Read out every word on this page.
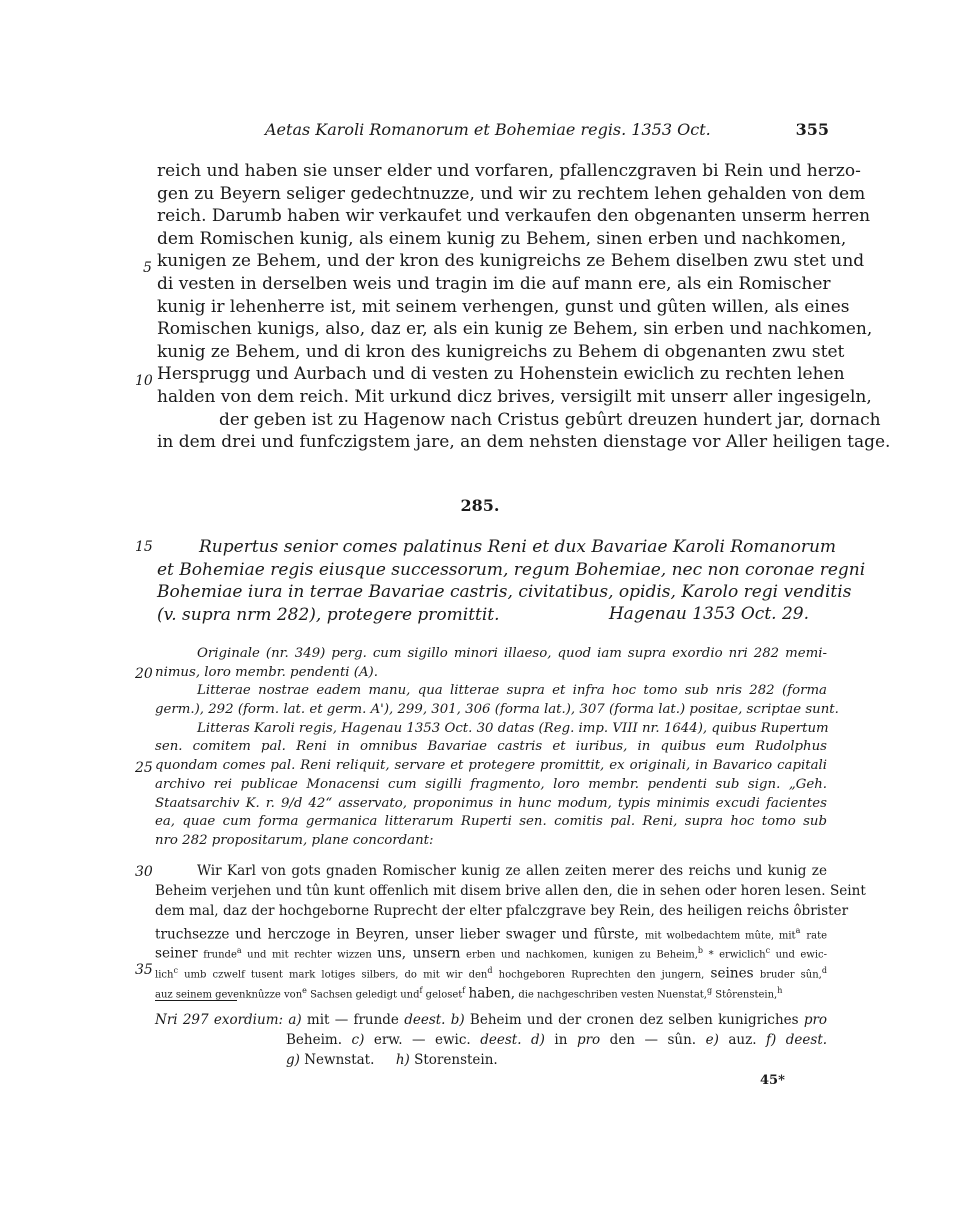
Aetas Karoli Romanorum et Bohemiae regis. 1353 Oct.	355
5
10
15
20
25
30
35
reich und haben sie unser elder und vorfaren, pfallenczgraven bi Rein und herzo-
gen zu Beyern seliger gedechtnuzze, und wir zu rechtem lehen gehalden von dem
reich. Darumb haben wir verkaufet und verkaufen den obgenanten unserm herren
dem Romischen kunig, als einem kunig zu Behem, sinen erben und nachkomen,
kunigen ze Behem, und der kron des kunigreichs ze Behem diselben zwu stet und
di vesten in derselben weis und tragin im die auf mann ere, als ein Romischer
kunig ir lehenherre ist, mit seinem verhengen, gunst und gûten willen, als eines
Romischen kunigs, also, daz er, als ein kunig ze Behem, sin erben und nachkomen,
kunig ze Behem, und di kron des kunigreichs zu Behem di obgenanten zwu stet
Hersprugg und Aurbach und di vesten zu Hohenstein ewiclich zu rechten lehen
halden von dem reich. Mit urkund dicz brives, versigilt mit unserr aller ingesigeln,
der geben ist zu Hagenow nach Cristus gebûrt dreuzen hundert jar, dornach
in dem drei und funfczigstem jare, an dem nehsten dienstage vor Aller heiligen tage.
285.
Rupertus senior comes palatinus Reni et dux Bavariae Karoli Romanorum
et Bohemiae regis eiusque successorum, regum Bohemiae, nec non coronae regni
Bohemiae iura in terrae Bavariae castris, civitatibus, opidis, Karolo regi venditis
(v. supra nrm 282), protegere promittit.	Hagenau 1353 Oct. 29.
Originale (nr. 349) perg. cum sigillo minori illaeso, quod iam supra exordio nri 282 memi-
nimus, loro membr. pendenti (A).
Litterae nostrae eadem manu, qua litterae supra et infra hoc tomo sub nris 282 (forma
germ.), 292 (form. lat. et germ. A'), 299, 301, 306 (forma lat.), 307 (forma lat.) positae, scriptae sunt.
Litteras Karoli regis, Hagenau 1353 Oct. 30 datas (Reg. imp. VIII nr. 1644), quibus Rupertum
sen. comitem pal. Reni in omnibus Bavariae castris et iuribus, in quibus eum Rudolphus
quondam comes pal. Reni reliquit, servare et protegere promittit, ex originali, in Bavarico capitali
archivo rei publicae Monacensi cum sigilli fragmento, loro membr. pendenti sub sign. „Geh.
Staatsarchiv K. r. 9/d 42“ asservato, proponimus in hunc modum, typis minimis excudi facientes
ea, quae cum forma germanica litterarum Ruperti sen. comitis pal. Reni, supra hoc tomo sub
nro 282 propositarum, plane concordant:
Wir Karl von gots gnaden Romischer kunig ze allen zeiten merer des reichs und kunig ze
Beheim verjehen und tûn kunt offenlich mit disem brive allen den, die in sehen oder horen lesen. Seint
dem mal, daz der hochgeborne Ruprecht der elter pfalczgrave bey Rein, des heiligen reichs ôbrister
truchsezze und herczoge in Beyren, unser lieber swager und fûrste, mit wolbedachtem mûte, mit$^a$ rate
seiner frunde$^a$ und mit rechter wizzen uns, unsern erben und nachkomen, kunigen zu Beheim,$^b$ * erwiclich$^c$ und ewic-
lich$^c$ umb czwelf tusent mark lotiges silbers, do mit wir den$^d$ hochgeboren Ruprechten den jungern, seines bruder sûn,$^d$
auz seinem gevenknûzze von$^e$ Sachsen geledigt und$^f$ geloset$^f$ haben, die nachgeschriben vesten Nuenstat,$^g$ Stôrenstein,$^h$
Nri 297 exordium: a) mit — frunde deest. b) Beheim und der cronen dez selben kunigriches pro
Beheim. c) erw. — ewic. deest. d) in pro den — sûn. e) auz. f) deest.
g) Newnstat. h) Storenstein.
45*
